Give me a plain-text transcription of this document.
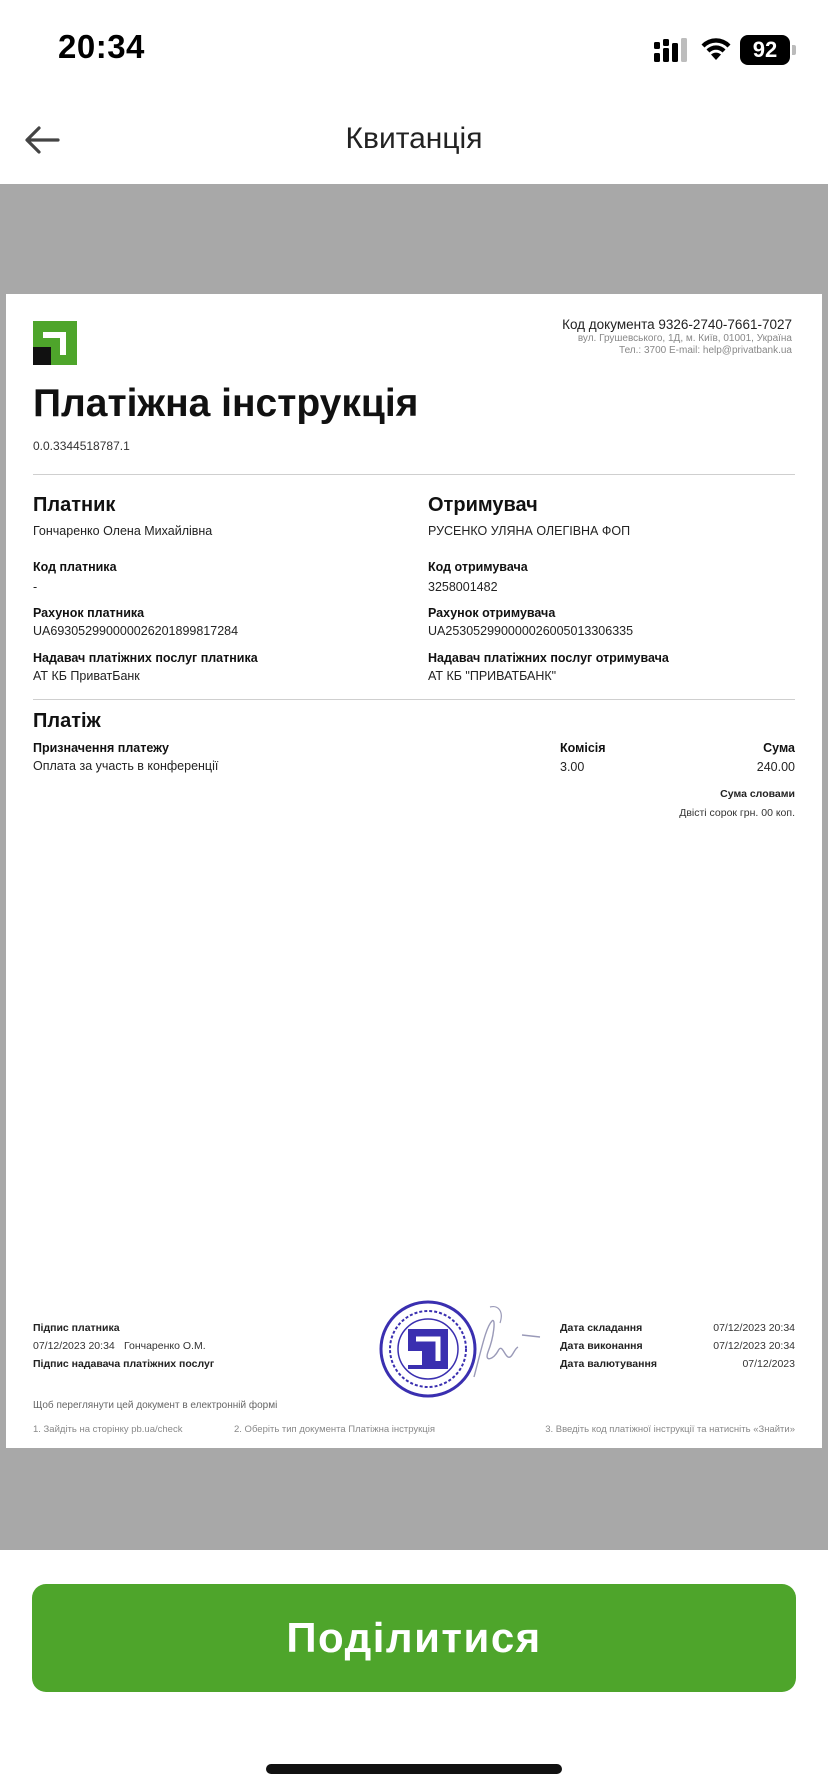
20:34	92
Квитанція
Код документа 9326-2740-7661-7027
вул. Грушевського, 1Д, м. Київ, 01001, Україна
Тел.: 3700 E-mail: help@privatbank.ua
Платіжна інструкція
0.0.3344518787.1
Платник
Гончаренко Олена Михайлівна
Код платника
-
Рахунок платника
UA693052990000026201899817284
Надавач платіжних послуг платника
АТ КБ ПриватБанк
Отримувач
РУСЕНКО УЛЯНА ОЛЕГІВНА ФОП
Код отримувача
3258001482
Рахунок отримувача
UA253052990000026005013306335
Надавач платіжних послуг отримувача
АТ КБ "ПРИВАТБАНК"
Платіж
Призначення платежу
Оплата за участь в конференції
Комісія
3.00
Сума
240.00
Сума словами
Двісті сорок грн. 00 коп.
Підпис платника
07/12/2023 20:34 Гончаренко О.М.
Підпис надавача платіжних послуг
Дата складання	07/12/2023 20:34
Дата виконання	07/12/2023 20:34
Дата валютування	07/12/2023
Щоб переглянути цей документ в електронній формі
1. Зайдіть на сторінку pb.ua/check	2. Оберіть тип документа Платіжна інструкція	3. Введіть код платіжної інструкції та натисніть «Знайти»
Поділитися
